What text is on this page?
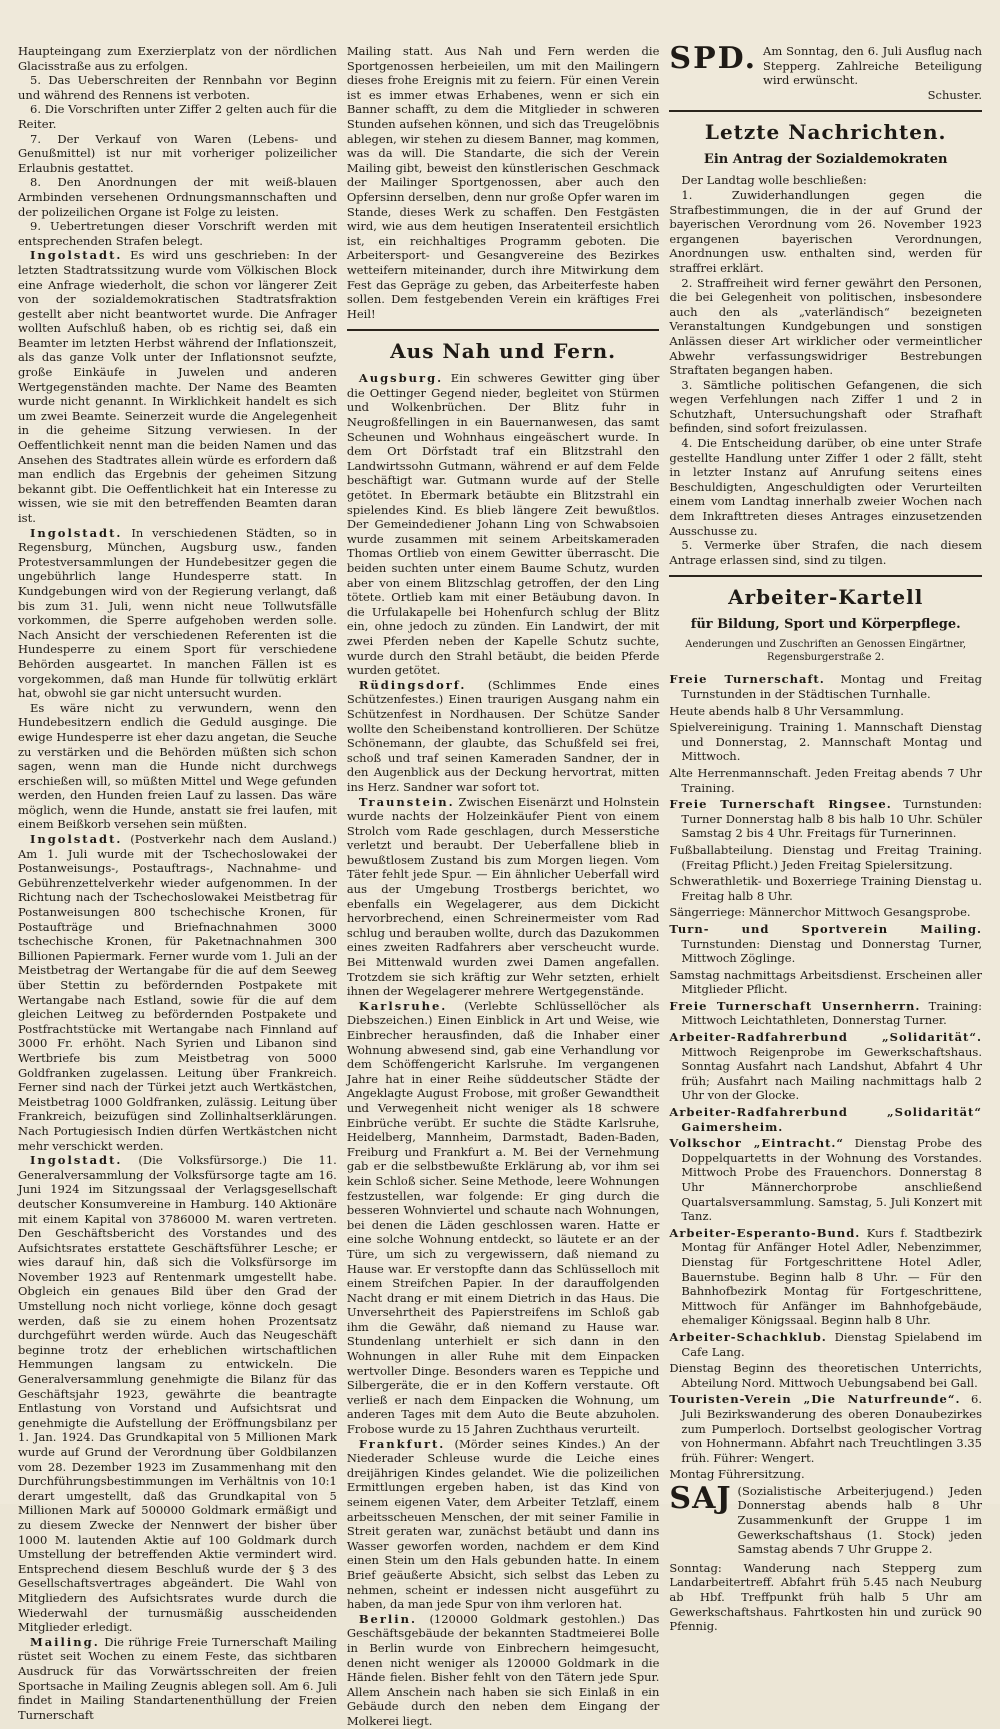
Haupteingang zum Exerzierplatz von der nördlichen Glacisstraße aus zu erfolgen.

5. Das Ueberschreiten der Rennbahn vor Beginn und während des Rennens ist verboten.

6. Die Vorschriften unter Ziffer 2 gelten auch für die Reiter.

7. Der Verkauf von Waren (Lebens- und Genußmittel) ist nur mit vorheriger polizeilicher Erlaubnis gestattet.

8. Den Anordnungen der mit weiß-blauen Armbinden versehenen Ordnungsmannschaften und der polizeilichen Organe ist Folge zu leisten.

9. Uebertretungen dieser Vorschrift werden mit entsprechenden Strafen belegt.

Ingolstadt. Es wird uns geschrieben: In der letzten Stadtratssitzung wurde vom Völkischen Block eine Anfrage wiederholt, die schon vor längerer Zeit von der sozialdemokratischen Stadtratsfraktion gestellt aber nicht beantwortet wurde. Die Anfrager wollten Aufschluß haben, ob es richtig sei, daß ein Beamter im letzten Herbst während der Inflationszeit, als das ganze Volk unter der Inflationsnot seufzte, große Einkäufe in Juwelen und anderen Wertgegenständen machte. Der Name des Beamten wurde nicht genannt. In Wirklichkeit handelt es sich um zwei Beamte. Seinerzeit wurde die Angelegenheit in die geheime Sitzung verwiesen. In der Oeffentlichkeit nennt man die beiden Namen und das Ansehen des Stadtrates allein würde es erfordern daß man endlich das Ergebnis der geheimen Sitzung bekannt gibt. Die Oeffentlichkeit hat ein Interesse zu wissen, wie sie mit den betreffenden Beamten daran ist.

Ingolstadt. In verschiedenen Städten, so in Regensburg, München, Augsburg usw., fanden Protestversammlungen der Hundebesitzer gegen die ungebührlich lange Hundesperre statt. In Kundgebungen wird von der Regierung verlangt, daß bis zum 31. Juli, wenn nicht neue Tollwutsfälle vorkommen, die Sperre aufgehoben werden solle. Nach Ansicht der verschiedenen Referenten ist die Hundesperre zu einem Sport für verschiedene Behörden ausgeartet. In manchen Fällen ist es vorgekommen, daß man Hunde für tollwütig erklärt hat, obwohl sie gar nicht untersucht wurden.

Es wäre nicht zu verwundern, wenn den Hundebesitzern endlich die Geduld ausginge. Die ewige Hundesperre ist eher dazu angetan, die Seuche zu verstärken und die Behörden müßten sich schon sagen, wenn man die Hunde nicht durchwegs erschießen will, so müßten Mittel und Wege gefunden werden, den Hunden freien Lauf zu lassen. Das wäre möglich, wenn die Hunde, anstatt sie frei laufen, mit einem Beißkorb versehen sein müßten.

Ingolstadt. (Postverkehr nach dem Ausland.) Am 1. Juli wurde mit der Tschechoslowakei der Postanweisungs-, Postauftrags-, Nachnahme- und Gebührenzettelverkehr wieder aufgenommen. In der Richtung nach der Tschechoslowakei Meistbetrag für Postanweisungen 800 tschechische Kronen, für Postaufträge und Briefnachnahmen 3000 tschechische Kronen, für Paketnachnahmen 300 Billionen Papiermark. Ferner wurde vom 1. Juli an der Meistbetrag der Wertangabe für die auf dem Seeweg über Stettin zu befördernden Postpakete mit Wertangabe nach Estland, sowie für die auf dem gleichen Leitweg zu befördernden Postpakete und Postfrachtstücke mit Wertangabe nach Finnland auf 3000 Fr. erhöht. Nach Syrien und Libanon sind Wertbriefe bis zum Meistbetrag von 5000 Goldfranken zugelassen. Leitung über Frankreich. Ferner sind nach der Türkei jetzt auch Wertkästchen, Meistbetrag 1000 Goldfranken, zulässig. Leitung über Frankreich, beizufügen sind Zollinhaltserklärungen. Nach Portugiesisch Indien dürfen Wertkästchen nicht mehr verschickt werden.

Ingolstadt. (Die Volksfürsorge.) Die 11. Generalversammlung der Volksfürsorge tagte am 16. Juni 1924 im Sitzungssaal der Verlagsgesellschaft deutscher Konsumvereine in Hamburg. 140 Aktionäre mit einem Kapital von 3786000 M. waren vertreten. Den Geschäftsbericht des Vorstandes und des Aufsichtsrates erstattete Geschäftsführer Lesche; er wies darauf hin, daß sich die Volksfürsorge im November 1923 auf Rentenmark umgestellt habe. Obgleich ein genaues Bild über den Grad der Umstellung noch nicht vorliege, könne doch gesagt werden, daß sie zu einem hohen Prozentsatz durchgeführt werden würde. Auch das Neugeschäft beginne trotz der erheblichen wirtschaftlichen Hemmungen langsam zu entwickeln. Die Generalversammlung genehmigte die Bilanz für das Geschäftsjahr 1923, gewährte die beantragte Entlastung von Vorstand und Aufsichtsrat und genehmigte die Aufstellung der Eröffnungsbilanz per 1. Jan. 1924. Das Grundkapital von 5 Millionen Mark wurde auf Grund der Verordnung über Goldbilanzen vom 28. Dezember 1923 im Zusammenhang mit den Durchführungsbestimmungen im Verhältnis von 10:1 derart umgestellt, daß das Grundkapital von 5 Millionen Mark auf 500000 Goldmark ermäßigt und zu diesem Zwecke der Nennwert der bisher über 1000 M. lautenden Aktie auf 100 Goldmark durch Umstellung der betreffenden Aktie vermindert wird. Entsprechend diesem Beschluß wurde der § 3 des Gesellschaftsvertrages abgeändert. Die Wahl von Mitgliedern des Aufsichtsrates wurde durch die Wiederwahl der turnusmäßig ausscheidenden Mitglieder erledigt.

Mailing. Die rührige Freie Turnerschaft Mailing rüstet seit Wochen zu einem Feste, das sichtbaren Ausdruck für das Vorwärtsschreiten der freien Sportsache in Mailing Zeugnis ablegen soll. Am 6. Juli findet in Mailing Standartenenthüllung der Freien Turnerschaft

Mailing statt. Aus Nah und Fern werden die Sportgenossen herbeieilen, um mit den Mailingern dieses frohe Ereignis mit zu feiern. Für einen Verein ist es immer etwas Erhabenes, wenn er sich ein Banner schafft, zu dem die Mitglieder in schweren Stunden aufsehen können, und sich das Treugelöbnis ablegen, wir stehen zu diesem Banner, mag kommen, was da will. Die Standarte, die sich der Verein Mailing gibt, beweist den künstlerischen Geschmack der Mailinger Sportgenossen, aber auch den Opfersinn derselben, denn nur große Opfer waren im Stande, dieses Werk zu schaffen. Den Festgästen wird, wie aus dem heutigen Inseratenteil ersichtlich ist, ein reichhaltiges Programm geboten. Die Arbeitersport- und Gesangvereine des Bezirkes wetteifern miteinander, durch ihre Mitwirkung dem Fest das Gepräge zu geben, das Arbeiterfeste haben sollen. Dem festgebenden Verein ein kräftiges Frei Heil!

Aus Nah und Fern.

Augsburg. Ein schweres Gewitter ging über die Oettinger Gegend nieder, begleitet von Stürmen und Wolkenbrüchen. Der Blitz fuhr in Neugroßfellingen in ein Bauernanwesen, das samt Scheunen und Wohnhaus eingeäschert wurde. In dem Ort Dörfstadt traf ein Blitzstrahl den Landwirtssohn Gutmann, während er auf dem Felde beschäftigt war. Gutmann wurde auf der Stelle getötet. In Ebermark betäubte ein Blitzstrahl ein spielendes Kind. Es blieb längere Zeit bewußtlos. Der Gemeindediener Johann Ling von Schwabsoien wurde zusammen mit seinem Arbeitskameraden Thomas Ortlieb von einem Gewitter überrascht. Die beiden suchten unter einem Baume Schutz, wurden aber von einem Blitzschlag getroffen, der den Ling tötete. Ortlieb kam mit einer Betäubung davon. In die Urfulakapelle bei Hohenfurch schlug der Blitz ein, ohne jedoch zu zünden. Ein Landwirt, der mit zwei Pferden neben der Kapelle Schutz suchte, wurde durch den Strahl betäubt, die beiden Pferde wurden getötet.

Rüdingsdorf. (Schlimmes Ende eines Schützenfestes.) Einen traurigen Ausgang nahm ein Schützenfest in Nordhausen. Der Schütze Sander wollte den Scheibenstand kontrollieren. Der Schütze Schönemann, der glaubte, das Schußfeld sei frei, schoß und traf seinen Kameraden Sandner, der in den Augenblick aus der Deckung hervortrat, mitten ins Herz. Sandner war sofort tot.

Traunstein. Zwischen Eisenärzt und Holnstein wurde nachts der Holzeinkäufer Pient von einem Strolch vom Rade geschlagen, durch Messerstiche verletzt und beraubt. Der Ueberfallene blieb in bewußtlosem Zustand bis zum Morgen liegen. Vom Täter fehlt jede Spur. — Ein ähnlicher Ueberfall wird aus der Umgebung Trostbergs berichtet, wo ebenfalls ein Wegelagerer, aus dem Dickicht hervorbrechend, einen Schreinermeister vom Rad schlug und berauben wollte, durch das Dazukommen eines zweiten Radfahrers aber verscheucht wurde. Bei Mittenwald wurden zwei Damen angefallen. Trotzdem sie sich kräftig zur Wehr setzten, erhielt ihnen der Wegelagerer mehrere Wertgegenstände.

Karlsruhe. (Verlebte Schlüssellöcher als Diebszeichen.) Einen Einblick in Art und Weise, wie Einbrecher herausfinden, daß die Inhaber einer Wohnung abwesend sind, gab eine Verhandlung vor dem Schöffengericht Karlsruhe. Im vergangenen Jahre hat in einer Reihe süddeutscher Städte der Angeklagte August Frobose, mit großer Gewandtheit und Verwegenheit nicht weniger als 18 schwere Einbrüche verübt. Er suchte die Städte Karlsruhe, Heidelberg, Mannheim, Darmstadt, Baden-Baden, Freiburg und Frankfurt a. M. Bei der Vernehmung gab er die selbstbewußte Erklärung ab, vor ihm sei kein Schloß sicher. Seine Methode, leere Wohnungen festzustellen, war folgende: Er ging durch die besseren Wohnviertel und schaute nach Wohnungen, bei denen die Läden geschlossen waren. Hatte er eine solche Wohnung entdeckt, so läutete er an der Türe, um sich zu vergewissern, daß niemand zu Hause war. Er verstopfte dann das Schlüsselloch mit einem Streifchen Papier. In der darauffolgenden Nacht drang er mit einem Dietrich in das Haus. Die Unversehrtheit des Papierstreifens im Schloß gab ihm die Gewähr, daß niemand zu Hause war. Stundenlang unterhielt er sich dann in den Wohnungen in aller Ruhe mit dem Einpacken wertvoller Dinge. Besonders waren es Teppiche und Silbergeräte, die er in den Koffern verstaute. Oft verließ er nach dem Einpacken die Wohnung, um anderen Tages mit dem Auto die Beute abzuholen. Frobose wurde zu 15 Jahren Zuchthaus verurteilt.

Frankfurt. (Mörder seines Kindes.) An der Niederader Schleuse wurde die Leiche eines dreijährigen Kindes gelandet. Wie die polizeilichen Ermittlungen ergeben haben, ist das Kind von seinem eigenen Vater, dem Arbeiter Tetzlaff, einem arbeitsscheuen Menschen, der mit seiner Familie in Streit geraten war, zunächst betäubt und dann ins Wasser geworfen worden, nachdem er dem Kind einen Stein um den Hals gebunden hatte. In einem Brief geäußerte Absicht, sich selbst das Leben zu nehmen, scheint er indessen nicht ausgeführt zu haben, da man jede Spur von ihm verloren hat.

Berlin. (120000 Goldmark gestohlen.) Das Geschäftsgebäude der bekannten Stadtmeierei Bolle in Berlin wurde von Einbrechern heimgesucht, denen nicht weniger als 120000 Goldmark in die Hände fielen. Bisher fehlt von den Tätern jede Spur. Allem Anschein nach haben sie sich Einlaß in ein Gebäude durch den neben dem Eingang der Molkerei liegt.

SPD. Am Sonntag, den 6. Juli Ausflug nach Stepperg. Zahlreiche Beteiligung wird erwünscht.

Schuster.

Letzte Nachrichten.
Ein Antrag der Sozialdemokraten

Der Landtag wolle beschließen:

1. Zuwiderhandlungen gegen die Strafbestimmungen, die in der auf Grund der bayerischen Verordnung vom 26. November 1923 ergangenen bayerischen Verordnungen, Anordnungen usw. enthalten sind, werden für straffrei erklärt.

2. Straffreiheit wird ferner gewährt den Personen, die bei Gelegenheit von politischen, insbesondere auch den als „vaterländisch“ bezeigneten Veranstaltungen Kundgebungen und sonstigen Anlässen dieser Art wirklicher oder vermeintlicher Abwehr verfassungswidriger Bestrebungen Straftaten begangen haben.

3. Sämtliche politischen Gefangenen, die sich wegen Verfehlungen nach Ziffer 1 und 2 in Schutzhaft, Untersuchungshaft oder Strafhaft befinden, sind sofort freizulassen.

4. Die Entscheidung darüber, ob eine unter Strafe gestellte Handlung unter Ziffer 1 oder 2 fällt, steht in letzter Instanz auf Anrufung seitens eines Beschuldigten, Angeschuldigten oder Verurteilten einem vom Landtag innerhalb zweier Wochen nach dem Inkrafttreten dieses Antrages einzusetzenden Ausschusse zu.

5. Vermerke über Strafen, die nach diesem Antrage erlassen sind, sind zu tilgen.

Arbeiter-Kartell
für Bildung, Sport und Körperpflege.
Aenderungen und Zuschriften an Genossen Eingärtner, Regensburgerstraße 2.

Freie Turnerschaft. Montag und Freitag Turnstunden in der Städtischen Turnhalle.

Heute abends halb 8 Uhr Versammlung.

Spielvereinigung. Training 1. Mannschaft Dienstag und Donnerstag, 2. Mannschaft Montag und Mittwoch.

Alte Herrenmannschaft. Jeden Freitag abends 7 Uhr Training.

Freie Turnerschaft Ringsee. Turnstunden: Turner Donnerstag halb 8 bis halb 10 Uhr. Schüler Samstag 2 bis 4 Uhr. Freitags für Turnerinnen.

Fußballabteilung. Dienstag und Freitag Training. (Freitag Pflicht.) Jeden Freitag Spielersitzung.

Schwerathletik- und Boxerriege Training Dienstag u. Freitag halb 8 Uhr.

Sängerriege: Männerchor Mittwoch Gesangsprobe.

Turn- und Sportverein Mailing. Turnstunden: Dienstag und Donnerstag Turner, Mittwoch Zöglinge.

Samstag nachmittags Arbeitsdienst. Erscheinen aller Mitglieder Pflicht.

Freie Turnerschaft Unsernherrn. Training: Mittwoch Leichtathleten, Donnerstag Turner.

Arbeiter-Radfahrerbund „Solidarität“. Mittwoch Reigenprobe im Gewerkschaftshaus. Sonntag Ausfahrt nach Landshut, Abfahrt 4 Uhr früh; Ausfahrt nach Mailing nachmittags halb 2 Uhr von der Glocke.

Arbeiter-Radfahrerbund „Solidarität“ Gaimersheim.

Volkschor „Eintracht.“ Dienstag Probe des Doppelquartetts in der Wohnung des Vorstandes. Mittwoch Probe des Frauenchors. Donnerstag 8 Uhr Männerchorprobe anschließend Quartalsversammlung. Samstag, 5. Juli Konzert mit Tanz.

Arbeiter-Esperanto-Bund. Kurs f. Stadtbezirk Montag für Anfänger Hotel Adler, Nebenzimmer, Dienstag für Fortgeschrittene Hotel Adler, Bauernstube. Beginn halb 8 Uhr. — Für den Bahnhofbezirk Montag für Fortgeschrittene, Mittwoch für Anfänger im Bahnhofgebäude, ehemaliger Königssaal. Beginn halb 8 Uhr.

Arbeiter-Schachklub. Dienstag Spielabend im Cafe Lang.

Dienstag Beginn des theoretischen Unterrichts, Abteilung Nord. Mittwoch Uebungsabend bei Gall.

Touristen-Verein „Die Naturfreunde“. 6. Juli Bezirkswanderung des oberen Donaubezirkes zum Pumperloch. Dortselbst geologischer Vortrag von Hohnermann. Abfahrt nach Treuchtlingen 3.35 früh. Führer: Wengert.

Montag Führersitzung.

SAJ (Sozialistische Arbeiterjugend.) Jeden Donnerstag abends halb 8 Uhr Zusammenkunft der Gruppe 1 im Gewerkschaftshaus (1. Stock) jeden Samstag abends 7 Uhr Gruppe 2.

Sonntag: Wanderung nach Stepperg zum Landarbeitertreff. Abfahrt früh 5.45 nach Neuburg ab Hbf. Treffpunkt früh halb 5 Uhr am Gewerkschaftshaus. Fahrtkosten hin und zurück 90 Pfennig.
